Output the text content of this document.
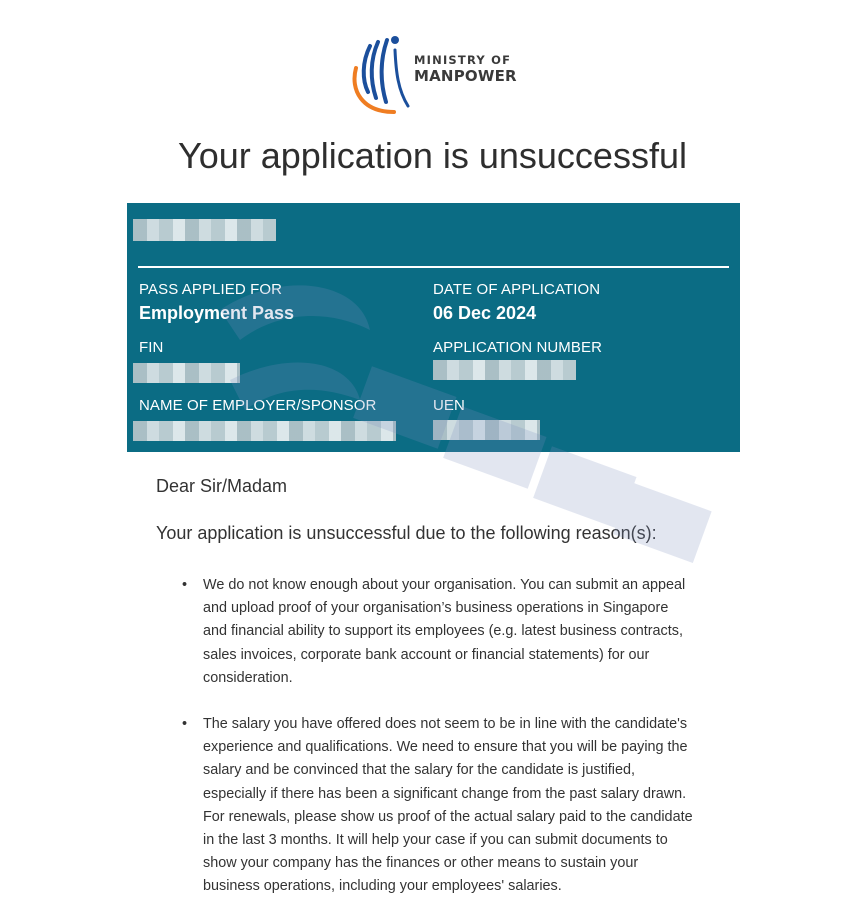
MINISTRY OF
MANPOWER
Your application is unsuccessful
PASS APPLIED FOR
Employment Pass
DATE OF APPLICATION
06 Dec 2024
FIN	APPLICATION NUMBER
NAME OF EMPLOYER/SPONSOR	UEN

Dear Sir/Madam

Your application is unsuccessful due to the following reason(s):

• We do not know enough about your organisation. You can submit an appeal and upload proof of your organisation’s business operations in Singapore and financial ability to support its employees (e.g. latest business contracts, sales invoices, corporate bank account or financial statements) for our consideration.
• The salary you have offered does not seem to be in line with the candidate's experience and qualifications. We need to ensure that you will be paying the salary and be convinced that the salary for the candidate is justified, especially if there has been a significant change from the past salary drawn. For renewals, please show us proof of the actual salary paid to the candidate in the last 3 months. It will help your case if you can submit documents to show your company has the finances or other means to sustain your business operations, including your employees' salaries.
